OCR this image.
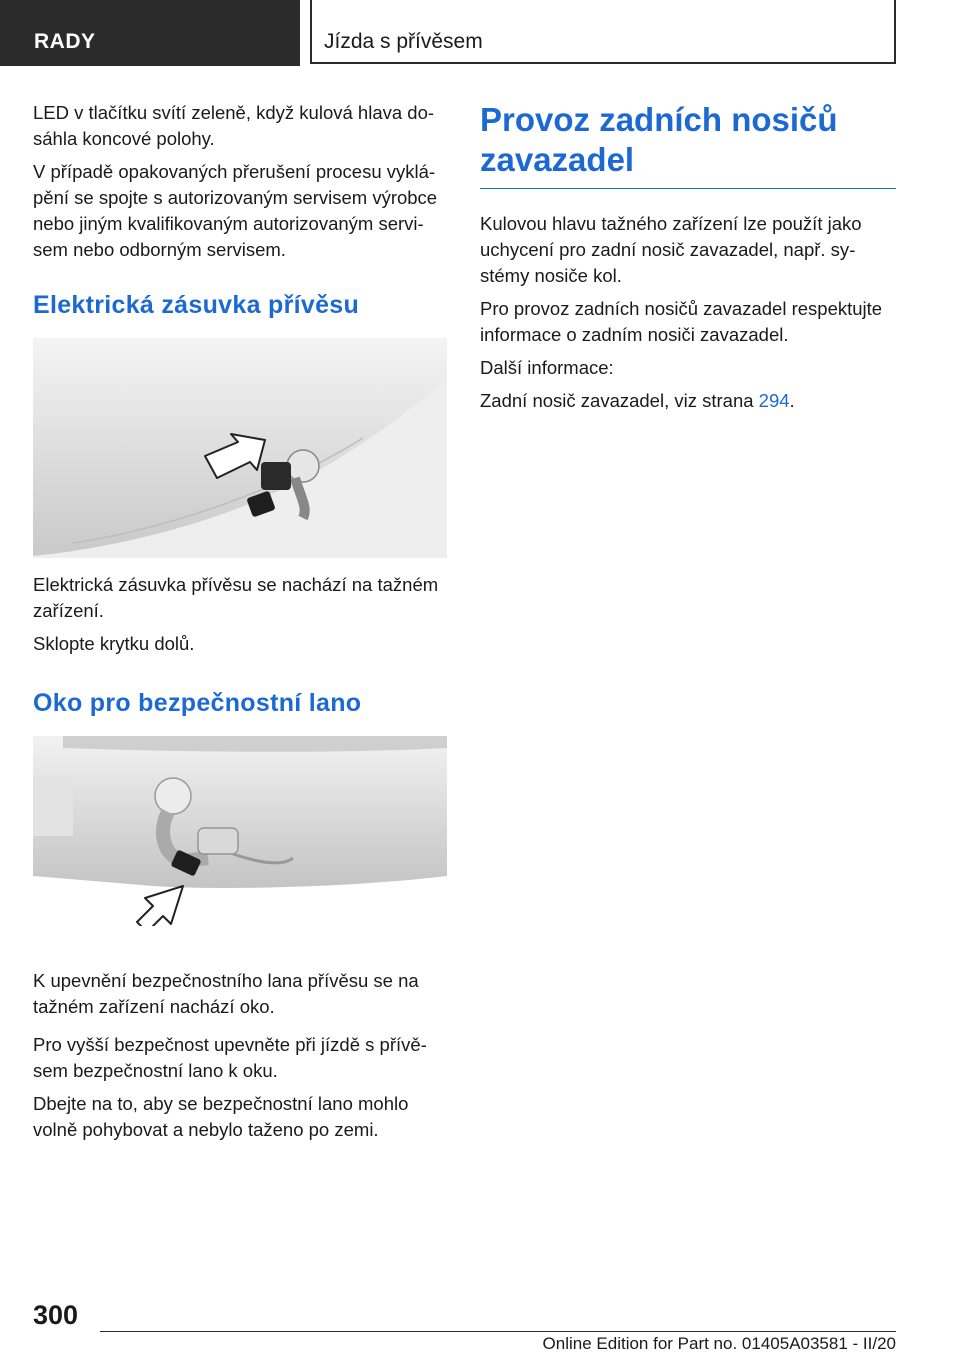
RADY	Jízda s přívěsem

LED v tlačítku svítí zeleně, když kulová hlava dosáhla koncové polohy.

V případě opakovaných přerušení procesu vyklápění se spojte s autorizovaným servisem výrobce nebo jiným kvalifikovaným autorizovaným servisem nebo odborným servisem.

Elektrická zásuvka přívěsu

Elektrická zásuvka přívěsu se nachází na tažném zařízení.

Sklopte krytku dolů.

Oko pro bezpečnostní lano

K upevnění bezpečnostního lana přívěsu se na tažném zařízení nachází oko.

Pro vyšší bezpečnost upevněte při jízdě s přívěsem bezpečnostní lano k oku.

Dbejte na to, aby se bezpečnostní lano mohlo volně pohybovat a nebylo taženo po zemi.

Provoz zadních nosičů zavazadel

Kulovou hlavu tažného zařízení lze použít jako uchycení pro zadní nosič zavazadel, např. systémy nosiče kol.

Pro provoz zadních nosičů zavazadel respektujte informace o zadním nosiči zavazadel.

Další informace:

Zadní nosič zavazadel, viz strana 294.

300
Online Edition for Part no. 01405A03581 - II/20
